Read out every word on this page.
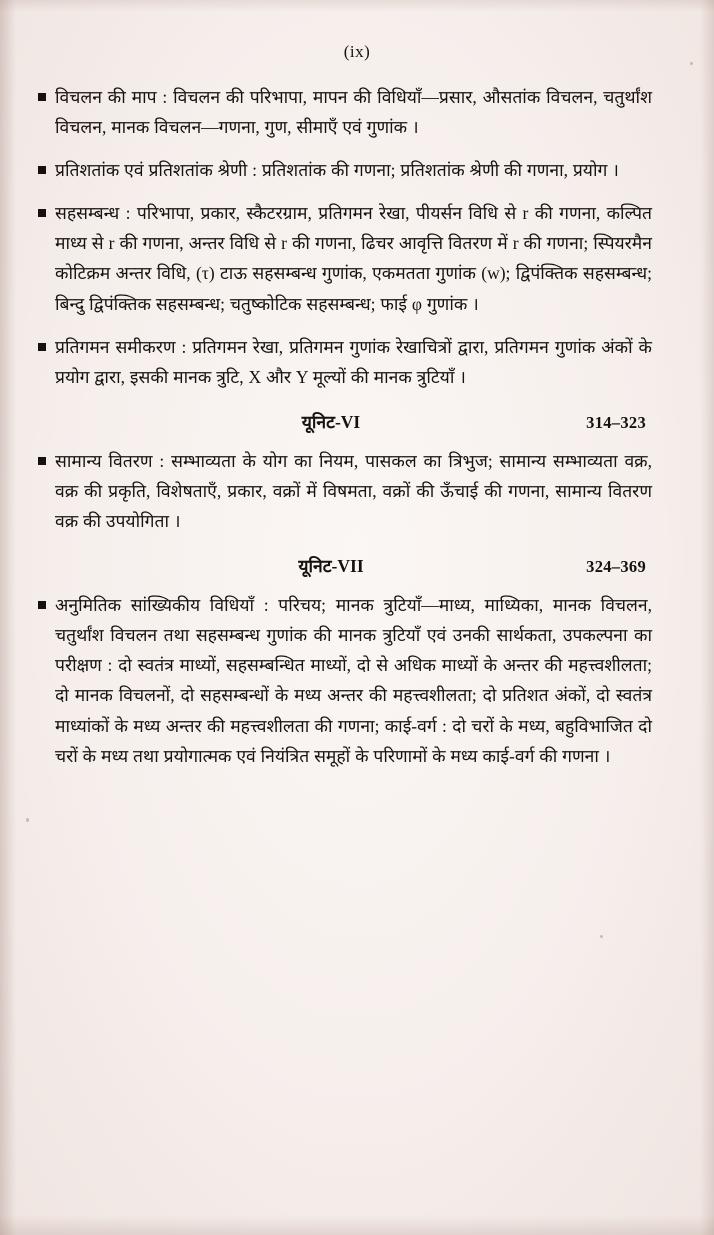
(ix)
विचलन की माप : विचलन की परिभापा, मापन की विधियाँ—प्रसार, औसतांक विचलन, चतुर्थांश विचलन, मानक विचलन—गणना, गुण, सीमाएँ एवं गुणांक ।
प्रतिशतांक एवं प्रतिशतांक श्रेणी : प्रतिशतांक की गणना; प्रतिशतांक श्रेणी की गणना, प्रयोग ।
सहसम्बन्ध : परिभापा, प्रकार, स्कैटरग्राम, प्रतिगमन रेखा, पीयर्सन विधि से r की गणना, कल्पित माध्य से r की गणना, अन्तर विधि से r की गणना, ढिचर आवृत्ति वितरण में r की गणना; स्पियरमैन कोटिक्रम अन्तर विधि, (τ) टाऊ सहसम्बन्ध गुणांक, एकमतता गुणांक (w); द्विपंक्तिक सहसम्बन्ध; बिन्दु द्विपंक्तिक सहसम्बन्ध; चतुष्कोटिक सहसम्बन्ध; फाई φ गुणांक ।
प्रतिगमन समीकरण : प्रतिगमन रेखा, प्रतिगमन गुणांक रेखाचित्रों द्वारा, प्रतिगमन गुणांक अंकों के प्रयोग द्वारा, इसकी मानक त्रुटि, X और Y मूल्यों की मानक त्रुटियाँ ।
यूनिट-VI	314–323
सामान्य वितरण : सम्भाव्यता के योग का नियम, पासकल का त्रिभुज; सामान्य सम्भाव्यता वक्र, वक्र की प्रकृति, विशेषताएँ, प्रकार, वक्रों में विषमता, वक्रों की ऊँचाई की गणना, सामान्य वितरण वक्र की उपयोगिता ।
यूनिट-VII	324–369
अनुमितिक सांख्यिकीय विधियाँ : परिचय; मानक त्रुटियाँ—माध्य, माध्यिका, मानक विचलन, चतुर्थांश विचलन तथा सहसम्बन्ध गुणांक की मानक त्रुटियाँ एवं उनकी सार्थकता, उपकल्पना का परीक्षण : दो स्वतंत्र माध्यों, सहसम्बन्धित माध्यों, दो से अधिक माध्यों के अन्तर की महत्त्वशीलता; दो मानक विचलनों, दो सहसम्बन्धों के मध्य अन्तर की महत्त्वशीलता; दो प्रतिशत अंकों, दो स्वतंत्र माध्यांकों के मध्य अन्तर की महत्त्वशीलता की गणना; काई-वर्ग : दो चरों के मध्य, बहुविभाजित दो चरों के मध्य तथा प्रयोगात्मक एवं नियंत्रित समूहों के परिणामों के मध्य काई-वर्ग की गणना ।
